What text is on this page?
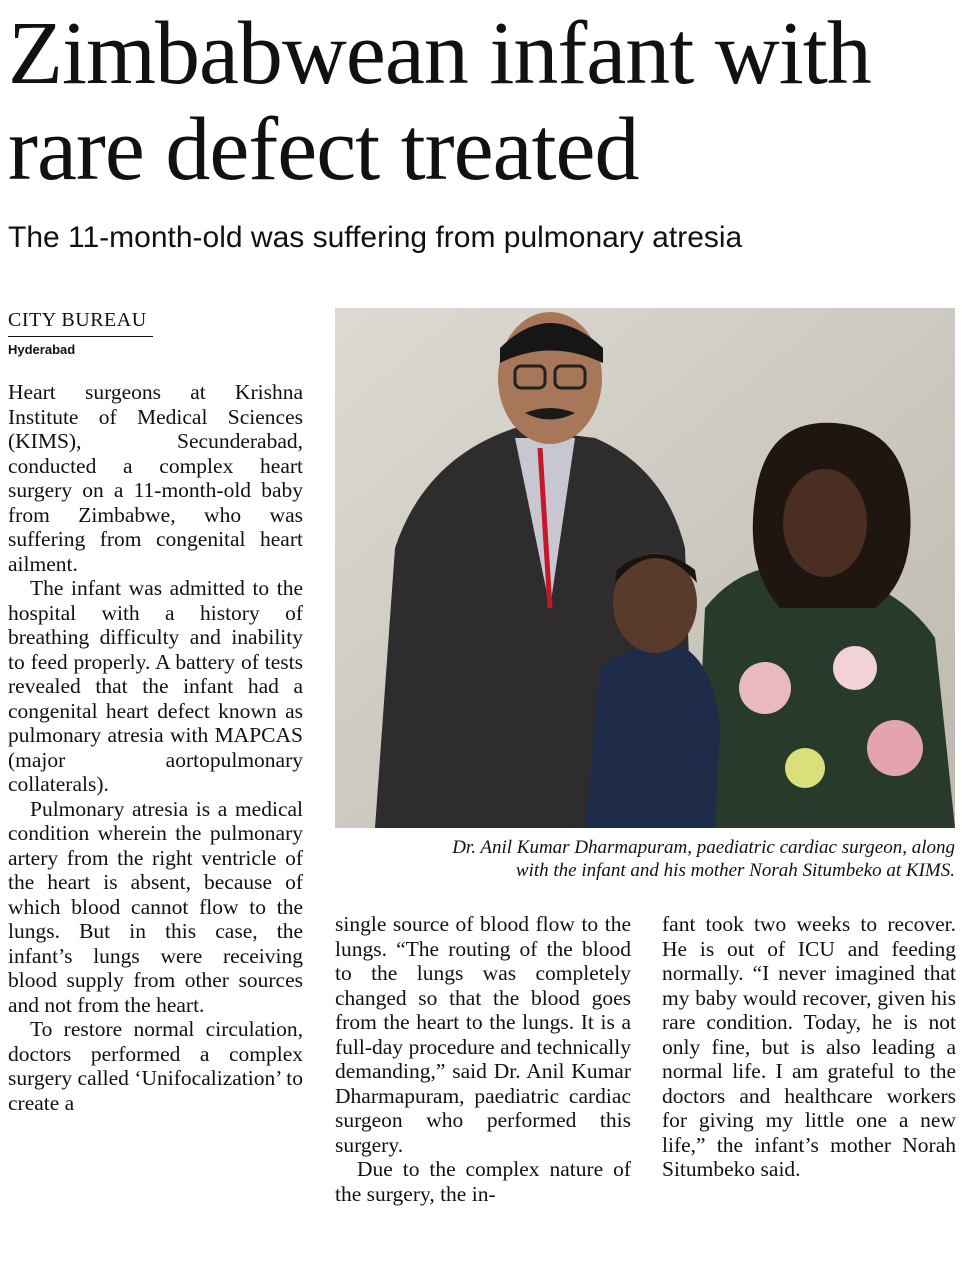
Zimbabwean infant with rare defect treated
The 11-month-old was suffering from pulmonary atresia
CITY BUREAU
Hyderabad

Heart surgeons at Krishna Institute of Medical Sciences (KIMS), Secunderabad, conducted a complex heart surgery on a 11-month-old baby from Zimbabwe, who was suffering from congenital heart ailment.

The infant was admitted to the hospital with a history of breathing difficulty and inability to feed properly. A battery of tests revealed that the infant had a congenital heart defect known as pulmonary atresia with MAPCAS (major aortopulmonary collaterals).

Pulmonary atresia is a medical condition wherein the pulmonary artery from the right ventricle of the heart is absent, because of which blood cannot flow to the lungs. But in this case, the infant’s lungs were receiving blood supply from other sources and not from the heart.

To restore normal circulation, doctors performed a complex surgery called ‘Unifocalization’ to create a

Dr. Anil Kumar Dharmapuram, paediatric cardiac surgeon, along
with the infant and his mother Norah Situmbeko at KIMS.

single source of blood flow to the lungs. “The routing of the blood to the lungs was completely changed so that the blood goes from the heart to the lungs. It is a full-day procedure and technically demanding,” said Dr. Anil Kumar Dharmapuram, paediatric cardiac surgeon who performed this surgery.

Due to the complex nature of the surgery, the in-

fant took two weeks to recover. He is out of ICU and feeding normally. “I never imagined that my baby would recover, given his rare condition. Today, he is not only fine, but is also leading a normal life. I am grateful to the doctors and healthcare workers for giving my little one a new life,” the infant’s mother Norah Situmbeko said.
